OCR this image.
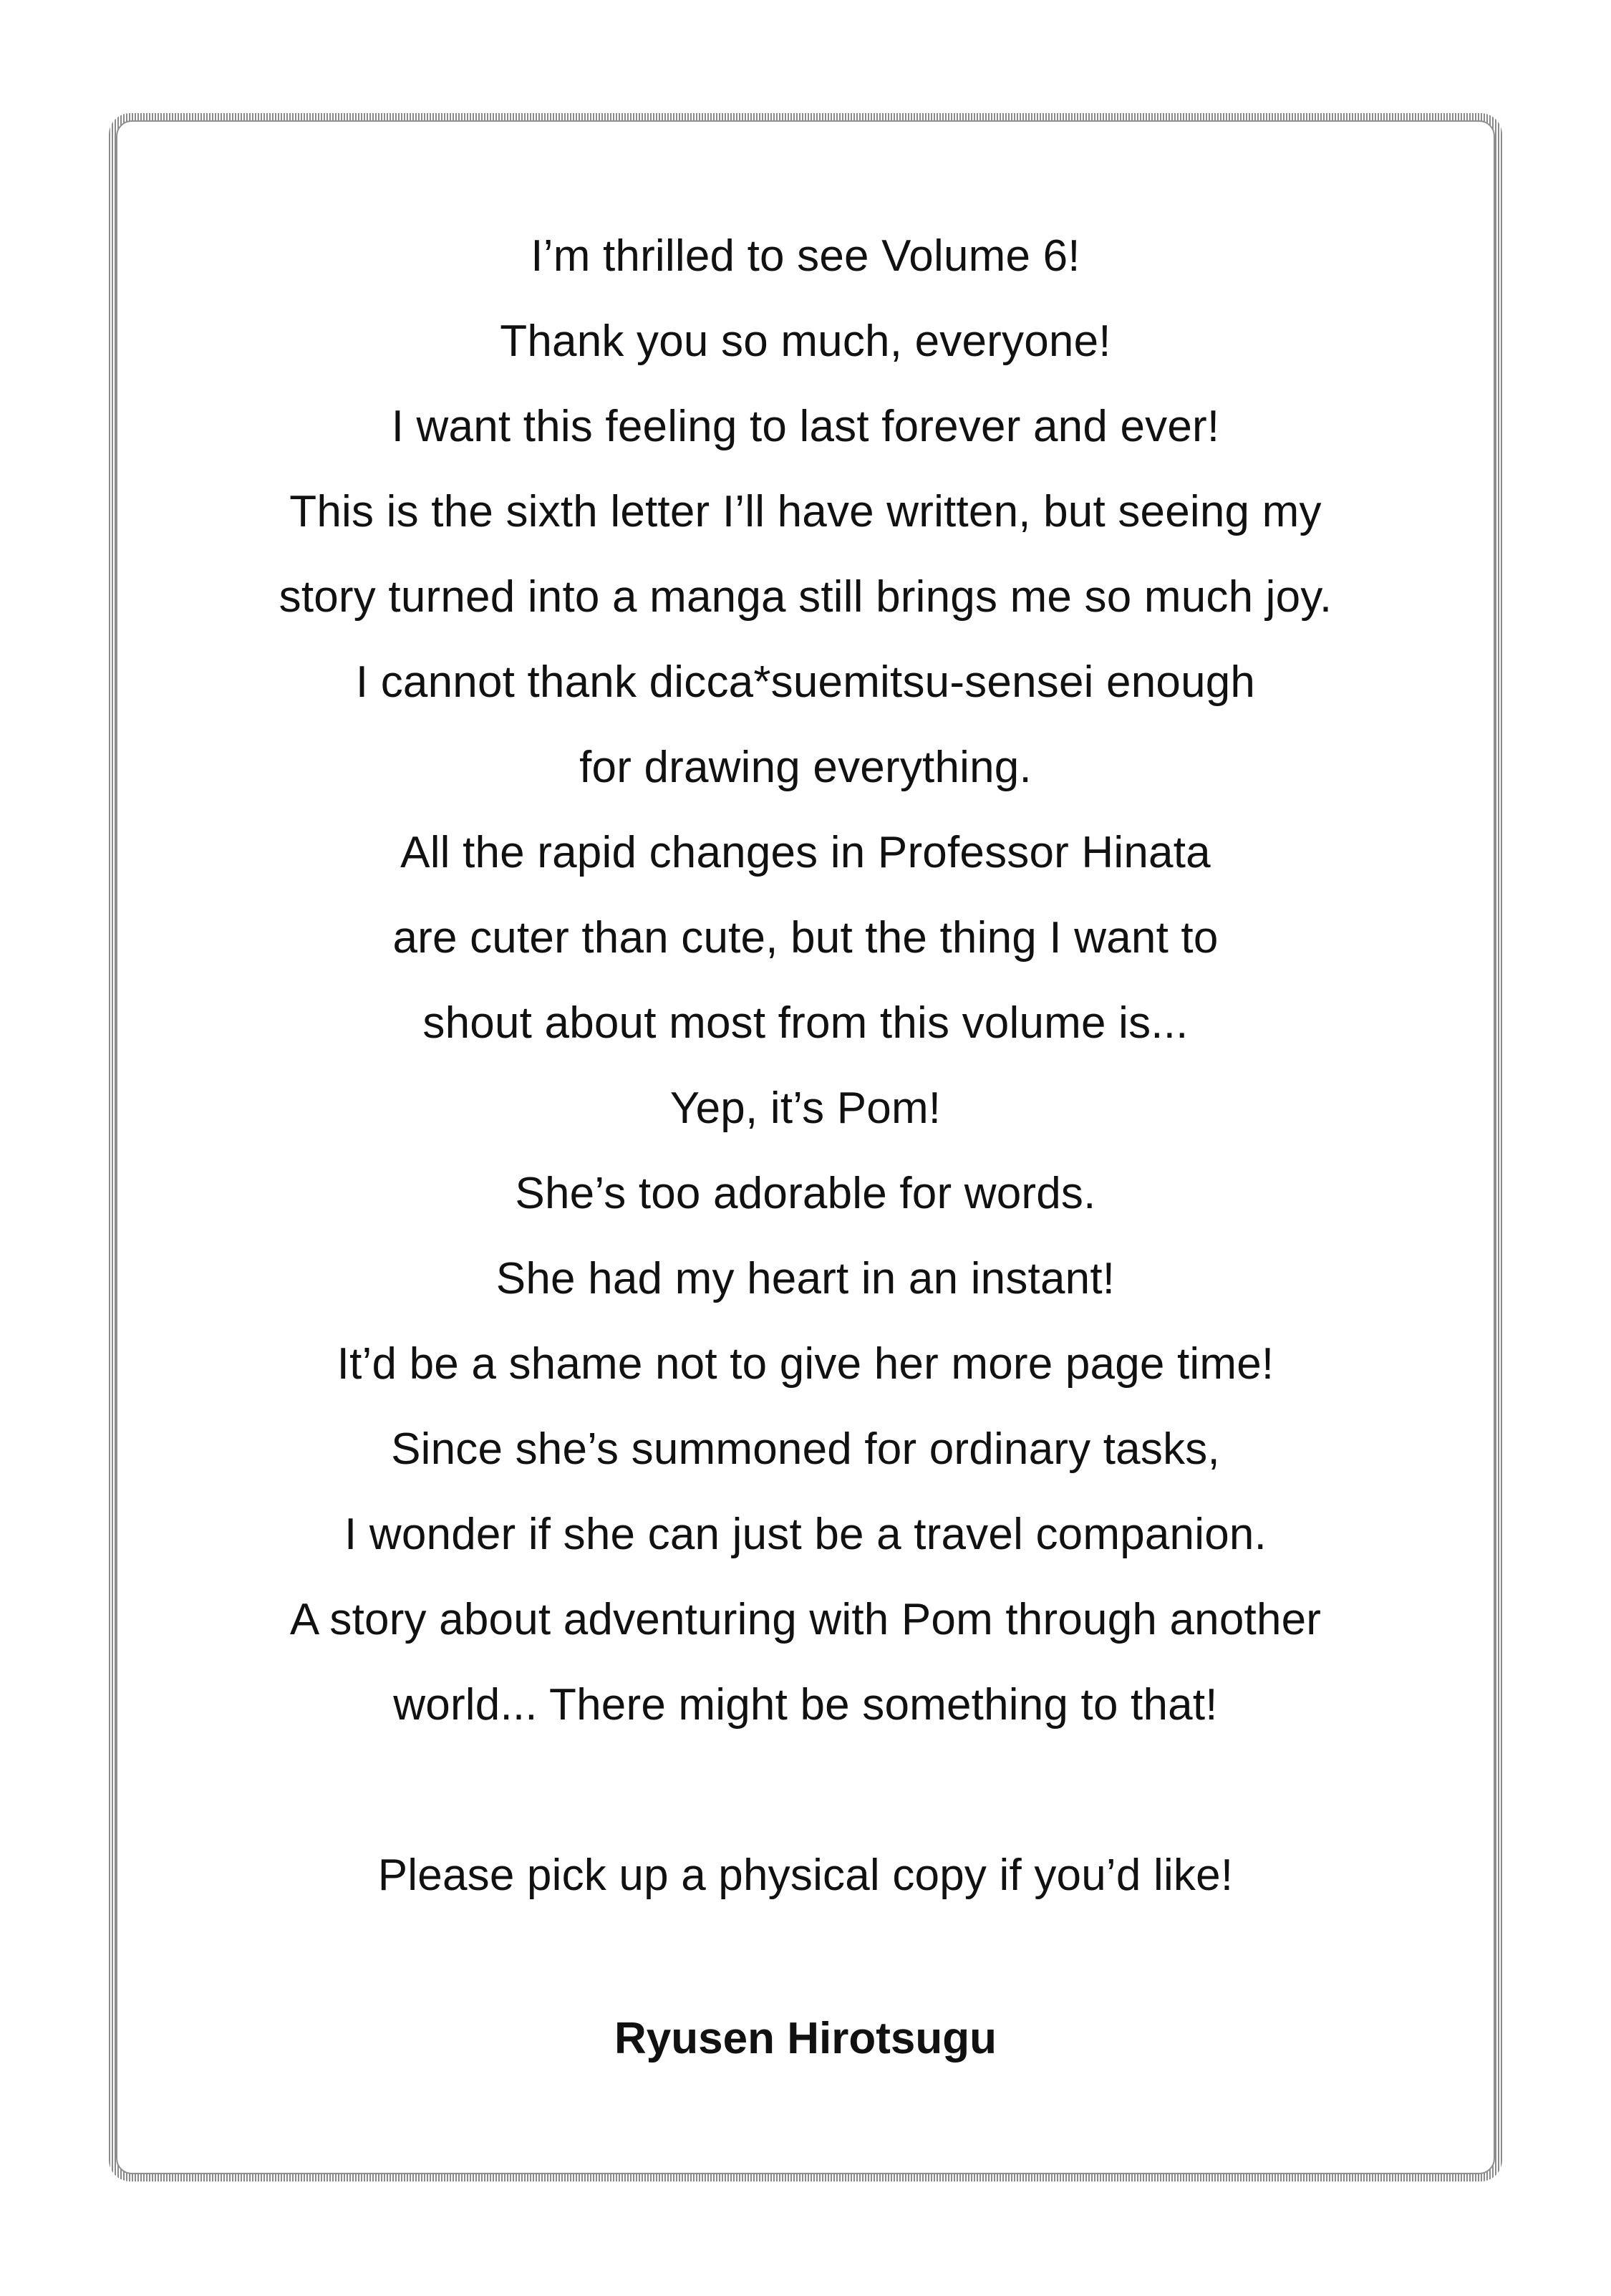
I’m thrilled to see Volume 6!
Thank you so much, everyone!
I want this feeling to last forever and ever!
This is the sixth letter I’ll have written, but seeing my
story turned into a manga still brings me so much joy.
I cannot thank dicca*suemitsu-sensei enough
for drawing everything.
All the rapid changes in Professor Hinata
are cuter than cute, but the thing I want to
shout about most from this volume is...
Yep, it’s Pom!
She’s too adorable for words.
She had my heart in an instant!
It’d be a shame not to give her more page time!
Since she’s summoned for ordinary tasks,
I wonder if she can just be a travel companion.
A story about adventuring with Pom through another
world... There might be something to that!
Please pick up a physical copy if you’d like!
Ryusen Hirotsugu
